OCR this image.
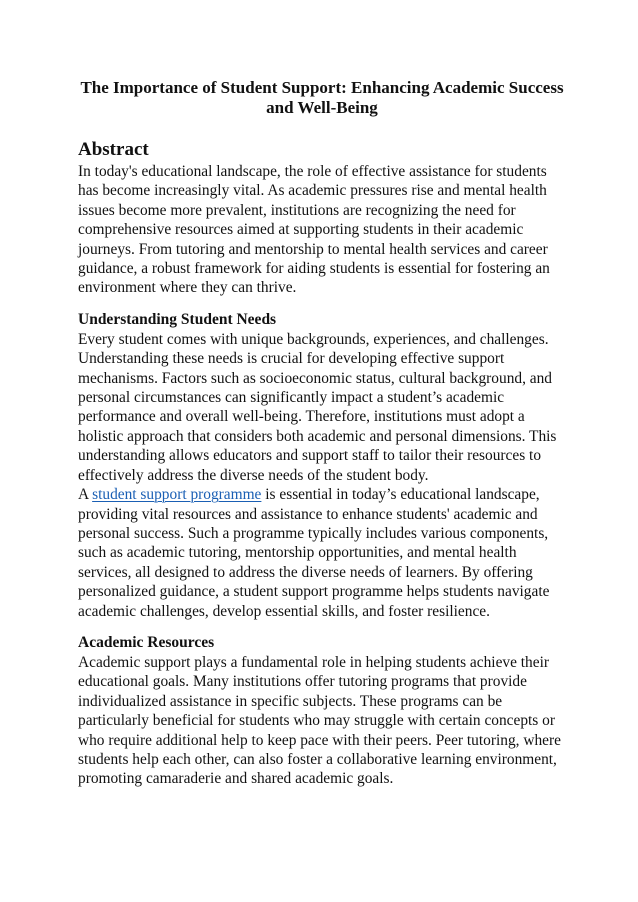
The Importance of Student Support: Enhancing Academic Success and Well-Being
Abstract

In today's educational landscape, the role of effective assistance for students has become increasingly vital. As academic pressures rise and mental health issues become more prevalent, institutions are recognizing the need for comprehensive resources aimed at supporting students in their academic journeys. From tutoring and mentorship to mental health services and career guidance, a robust framework for aiding students is essential for fostering an environment where they can thrive.

Understanding Student Needs

Every student comes with unique backgrounds, experiences, and challenges. Understanding these needs is crucial for developing effective support mechanisms. Factors such as socioeconomic status, cultural background, and personal circumstances can significantly impact a student’s academic performance and overall well-being. Therefore, institutions must adopt a holistic approach that considers both academic and personal dimensions. This understanding allows educators and support staff to tailor their resources to effectively address the diverse needs of the student body.

A student support programme is essential in today’s educational landscape, providing vital resources and assistance to enhance students' academic and personal success. Such a programme typically includes various components, such as academic tutoring, mentorship opportunities, and mental health services, all designed to address the diverse needs of learners. By offering personalized guidance, a student support programme helps students navigate academic challenges, develop essential skills, and foster resilience.

Academic Resources

Academic support plays a fundamental role in helping students achieve their educational goals. Many institutions offer tutoring programs that provide individualized assistance in specific subjects. These programs can be particularly beneficial for students who may struggle with certain concepts or who require additional help to keep pace with their peers. Peer tutoring, where students help each other, can also foster a collaborative learning environment, promoting camaraderie and shared academic goals.
